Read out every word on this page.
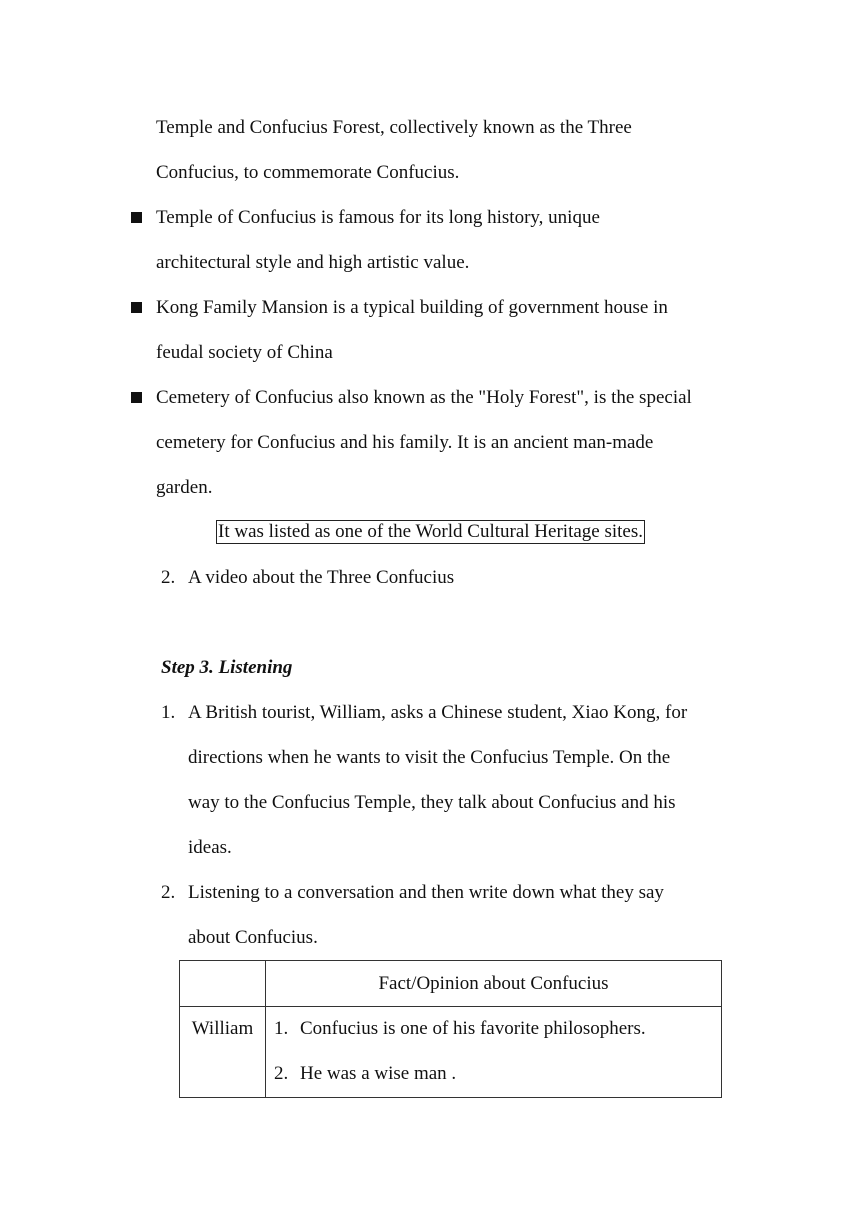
Temple and Confucius Forest, collectively known as the Three
Confucius, to commemorate Confucius.
Temple of Confucius is famous for its long history, unique
architectural style and high artistic value.
Kong Family Mansion is a typical building of government house in
feudal society of China
Cemetery of Confucius also known as the "Holy Forest", is the special
cemetery for Confucius and his family. It is an ancient man-made
garden.
It was listed as one of the World Cultural Heritage sites.
2. A video about the Three Confucius
Step 3. Listening
1. A British tourist, William, asks a Chinese student, Xiao Kong, for
directions when he wants to visit the Confucius Temple. On the
way to the Confucius Temple, they talk about Confucius and his
ideas.
2. Listening to a conversation and then write down what they say
about Confucius.
	Fact/Opinion about Confucius
William	1. Confucius is one of his favorite philosophers.
2. He was a wise man .
